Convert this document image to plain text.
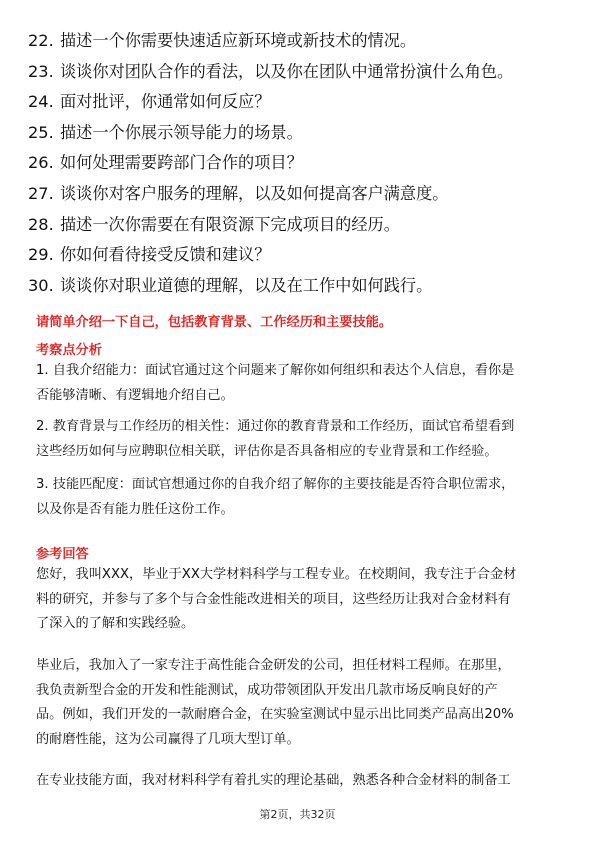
22. 描述一个你需要快速适应新环境或新技术的情况。
23. 谈谈你对团队合作的看法，以及你在团队中通常扮演什么角色。
24. 面对批评，你通常如何反应？
25. 描述一个你展示领导能力的场景。
26. 如何处理需要跨部门合作的项目？
27. 谈谈你对客户服务的理解，以及如何提高客户满意度。
28. 描述一次你需要在有限资源下完成项目的经历。
29. 你如何看待接受反馈和建议？
30. 谈谈你对职业道德的理解，以及在工作中如何践行。
请简单介绍一下自己，包括教育背景、工作经历和主要技能。
考察点分析
1. 自我介绍能力：面试官通过这个问题来了解你如何组织和表达个人信息，看你是
否能够清晰、有逻辑地介绍自己。
2. 教育背景与工作经历的相关性：通过你的教育背景和工作经历，面试官希望看到
这些经历如何与应聘职位相关联，评估你是否具备相应的专业背景和工作经验。
3. 技能匹配度：面试官想通过你的自我介绍了解你的主要技能是否符合职位需求，
以及你是否有能力胜任这份工作。
参考回答
您好，我叫XXX，毕业于XX大学材料科学与工程专业。在校期间，我专注于合金材
料的研究，并参与了多个与合金性能改进相关的项目，这些经历让我对合金材料有
了深入的了解和实践经验。
毕业后，我加入了一家专注于高性能合金研发的公司，担任材料工程师。在那里，
我负责新型合金的开发和性能测试，成功带领团队开发出几款市场反响良好的产
品。例如，我们开发的一款耐磨合金，在实验室测试中显示出比同类产品高出20%
的耐磨性能，这为公司赢得了几项大型订单。
在专业技能方面，我对材料科学有着扎实的理论基础，熟悉各种合金材料的制备工
第2页，共32页
